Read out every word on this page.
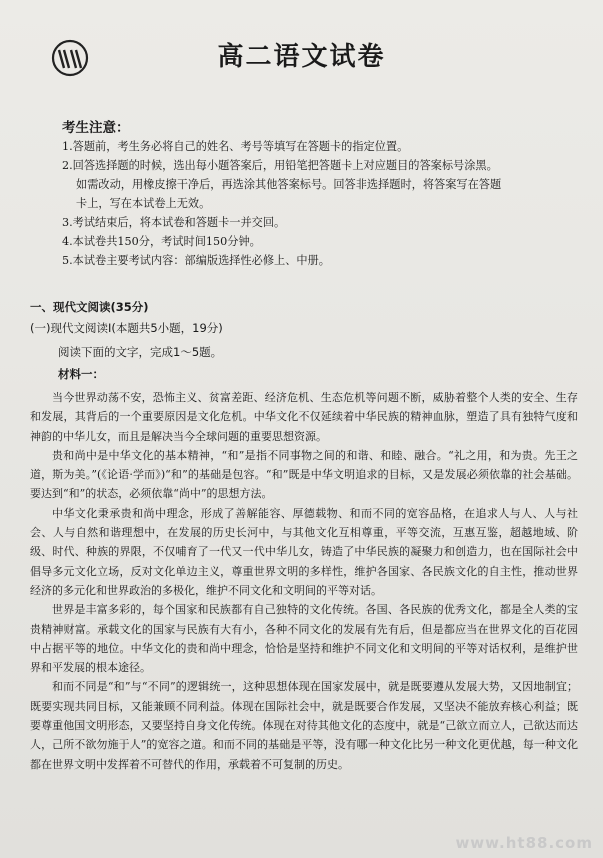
高二语文试卷
考生注意：

1.答题前，考生务必将自己的姓名、考号等填写在答题卡的指定位置。

2.回答选择题的时候，选出每小题答案后，用铅笔把答题卡上对应题目的答案标号涂黑。

如需改动，用橡皮擦干净后，再选涂其他答案标号。回答非选择题时，将答案写在答题

卡上，写在本试卷上无效。

3.考试结束后，将本试卷和答题卡一并交回。

4.本试卷共150分，考试时间150分钟。

5.本试卷主要考试内容：部编版选择性必修上、中册。

一、现代文阅读(35分)
(一)现代文阅读Ⅰ(本题共5小题，19分)
阅读下面的文字，完成1～5题。
材料一：

当今世界动荡不安，恐怖主义、贫富差距、经济危机、生态危机等问题不断，威胁着整个人类的安全、生存和发展，其背后的一个重要原因是文化危机。中华文化不仅延续着中华民族的精神血脉，塑造了具有独特气度和神韵的中华儿女，而且是解决当今全球问题的重要思想资源。

贵和尚中是中华文化的基本精神，“和”是指不同事物之间的和谐、和睦、融合。“礼之用，和为贵。先王之道，斯为美。”(《论语·学而》)“和”的基础是包容。“和”既是中华文明追求的目标，又是发展必须依靠的社会基础。要达到“和”的状态，必须依靠“尚中”的思想方法。

中华文化秉承贵和尚中理念，形成了善解能容、厚德载物、和而不同的宽容品格，在追求人与人、人与社会、人与自然和谐理想中，在发展的历史长河中，与其他文化互相尊重，平等交流，互惠互鉴，超越地域、阶级、时代、种族的界限，不仅哺育了一代又一代中华儿女，铸造了中华民族的凝聚力和创造力，也在国际社会中倡导多元文化立场，反对文化单边主义，尊重世界文明的多样性，维护各国家、各民族文化的自主性，推动世界经济的多元化和世界政治的多极化，维护不同文化和文明间的平等对话。

世界是丰富多彩的，每个国家和民族都有自己独特的文化传统。各国、各民族的优秀文化，都是全人类的宝贵精神财富。承载文化的国家与民族有大有小，各种不同文化的发展有先有后，但是都应当在世界文化的百花园中占据平等的地位。中华文化的贵和尚中理念，恰恰是坚持和维护不同文化和文明间的平等对话权利，是维护世界和平发展的根本途径。

和而不同是“和”与“不同”的逻辑统一，这种思想体现在国家发展中，就是既要遵从发展大势，又因地制宜；既要实现共同目标，又能兼顾不同利益。体现在国际社会中，就是既要合作发展，又坚决不能放弃核心利益；既要尊重他国文明形态，又要坚持自身文化传统。体现在对待其他文化的态度中，就是“己欲立而立人，己欲达而达人，己所不欲勿施于人”的宽容之道。和而不同的基础是平等，没有哪一种文化比另一种文化更优越，每一种文化都在世界文明中发挥着不可替代的作用，承载着不可复制的历史。

www.ht88.com
